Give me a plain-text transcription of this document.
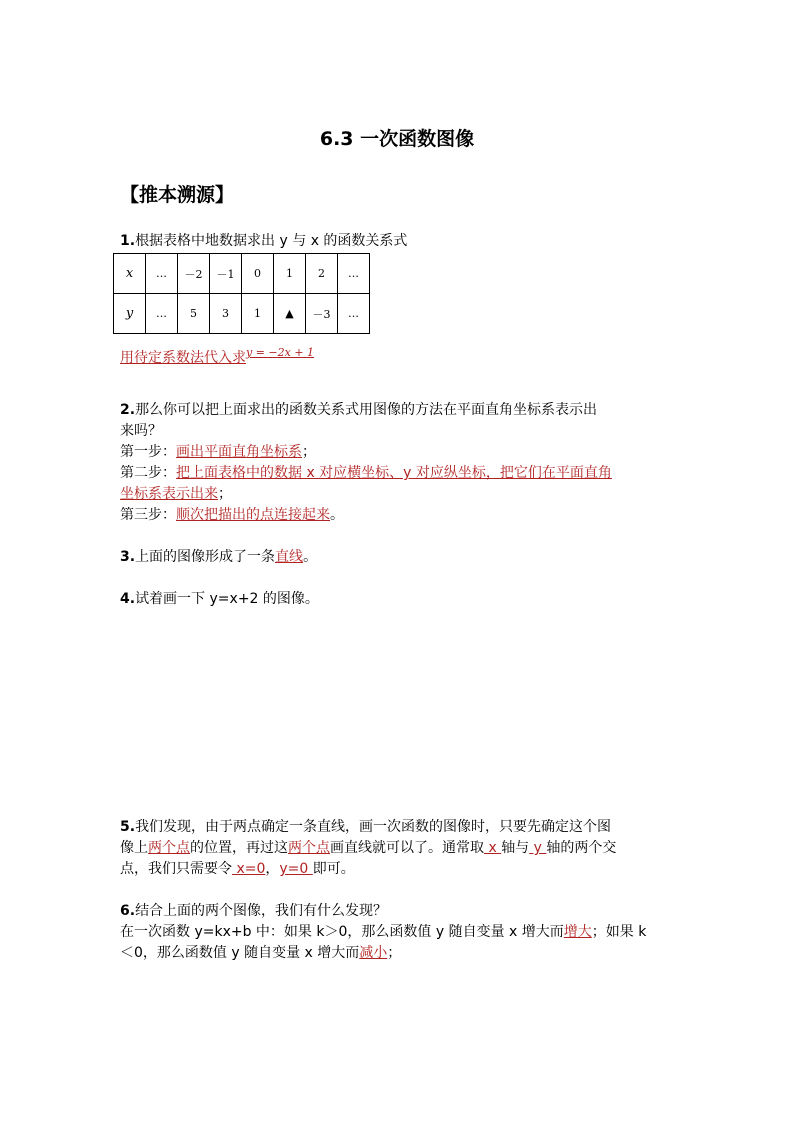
6.3 一次函数图像
【推本溯源】
1.根据表格中地数据求出 y 与 x 的函数关系式
x	…	－2	－1	0	1	2	…
y	…	5	3	1	▲	－3	…
用待定系数法代入求$^{y = -2x + 1}$
2.那么你可以把上面求出的函数关系式用图像的方法在平面直角坐标系表示出
来吗？
第一步：画出平面直角坐标系；
第二步：把上面表格中的数据 x 对应横坐标、y 对应纵坐标，把它们在平面直角
坐标系表示出来；
第三步：顺次把描出的点连接起来。
3.上面的图像形成了一条直线。
4.试着画一下 y=x+2 的图像。
5.我们发现，由于两点确定一条直线，画一次函数的图像时，只要先确定这个图
像上两个点的位置，再过这两个点画直线就可以了。通常取 x 轴与 y 轴的两个交
点，我们只需要令 x=0，y=0 即可。
6.结合上面的两个图像，我们有什么发现？
在一次函数 y=kx+b 中：如果 k＞0，那么函数值 y 随自变量 x 增大而增大；如果 k
＜0，那么函数值 y 随自变量 x 增大而减小；
